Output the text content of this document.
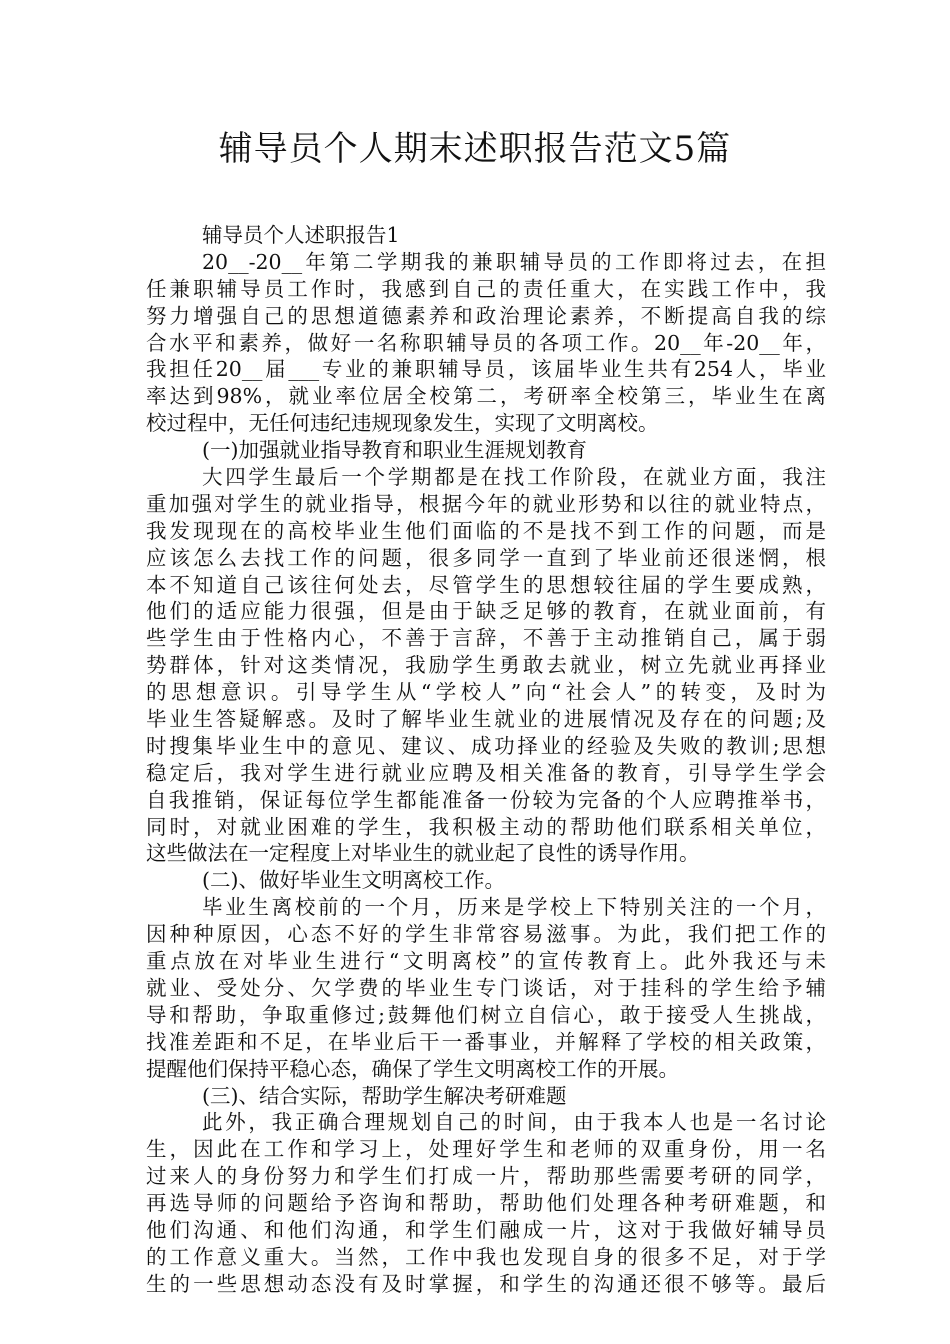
辅导员个人期末述职报告范文5篇
辅导员个人述职报告1
20__-20__年第二学期我的兼职辅导员的工作即将过去，在担
任兼职辅导员工作时，我感到自己的责任重大，在实践工作中，我
努力增强自己的思想道德素养和政治理论素养，不断提高自我的综
合水平和素养，做好一名称职辅导员的各项工作。20__年-20__年，
我担任20__届___专业的兼职辅导员，该届毕业生共有254人，毕业
率达到98%，就业率位居全校第二，考研率全校第三，毕业生在离
校过程中，无任何违纪违规现象发生，实现了文明离校。
(一)加强就业指导教育和职业生涯规划教育
大四学生最后一个学期都是在找工作阶段，在就业方面，我注
重加强对学生的就业指导，根据今年的就业形势和以往的就业特点，
我发现现在的高校毕业生他们面临的不是找不到工作的问题，而是
应该怎么去找工作的问题，很多同学一直到了毕业前还很迷惘，根
本不知道自己该往何处去，尽管学生的思想较往届的学生要成熟，
他们的适应能力很强，但是由于缺乏足够的教育，在就业面前，有
些学生由于性格内心，不善于言辞，不善于主动推销自己，属于弱
势群体，针对这类情况，我励学生勇敢去就业，树立先就业再择业
的思想意识。引导学生从“学校人”向“社会人”的转变，及时为
毕业生答疑解惑。及时了解毕业生就业的进展情况及存在的问题;及
时搜集毕业生中的意见、建议、成功择业的经验及失败的教训;思想
稳定后，我对学生进行就业应聘及相关准备的教育，引导学生学会
自我推销，保证每位学生都能准备一份较为完备的个人应聘推举书，
同时，对就业困难的学生，我积极主动的帮助他们联系相关单位，
这些做法在一定程度上对毕业生的就业起了良性的诱导作用。
(二)、做好毕业生文明离校工作。
毕业生离校前的一个月，历来是学校上下特别关注的一个月，
因种种原因，心态不好的学生非常容易滋事。为此，我们把工作的
重点放在对毕业生进行“文明离校”的宣传教育上。此外我还与未
就业、受处分、欠学费的毕业生专门谈话，对于挂科的学生给予辅
导和帮助，争取重修过;鼓舞他们树立自信心，敢于接受人生挑战，
找准差距和不足，在毕业后干一番事业，并解释了学校的相关政策，
提醒他们保持平稳心态，确保了学生文明离校工作的开展。
(三)、结合实际，帮助学生解决考研难题
此外，我正确合理规划自己的时间，由于我本人也是一名讨论
生，因此在工作和学习上，处理好学生和老师的双重身份，用一名
过来人的身份努力和学生们打成一片，帮助那些需要考研的同学，
再选导师的问题给予咨询和帮助，帮助他们处理各种考研难题，和
他们沟通、和他们沟通，和学生们融成一片，这对于我做好辅导员
的工作意义重大。当然，工作中我也发现自身的很多不足，对于学
生的一些思想动态没有及时掌握，和学生的沟通还很不够等。最后
